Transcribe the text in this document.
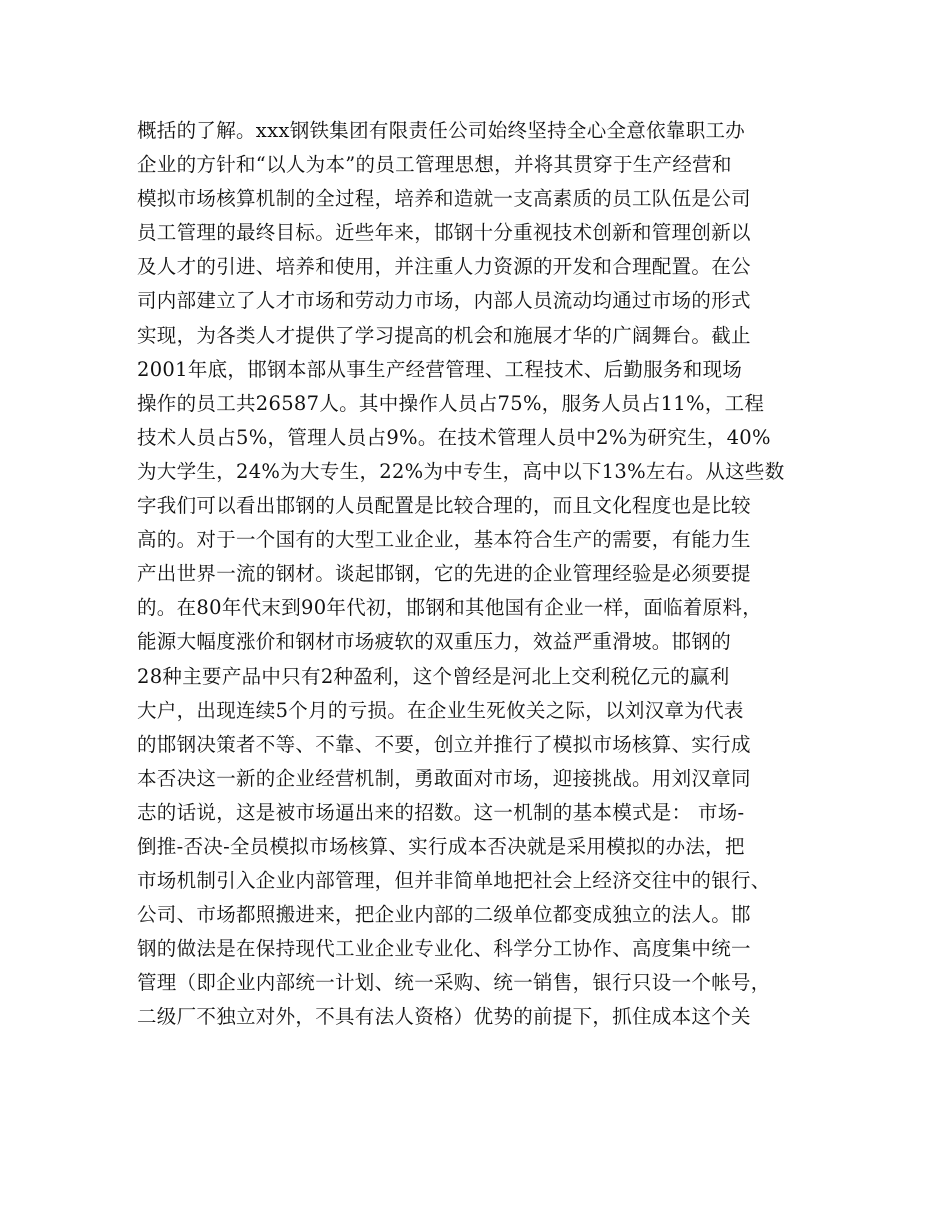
概括的了解。xxx钢铁集团有限责任公司始终坚持全心全意依靠职工办
企业的方针和“以人为本”的员工管理思想，并将其贯穿于生产经营和
模拟市场核算机制的全过程，培养和造就一支高素质的员工队伍是公司
员工管理的最终目标。近些年来，邯钢十分重视技术创新和管理创新以
及人才的引进、培养和使用，并注重人力资源的开发和合理配置。在公
司内部建立了人才市场和劳动力市场，内部人员流动均通过市场的形式
实现，为各类人才提供了学习提高的机会和施展才华的广阔舞台。截止
2001年底，邯钢本部从事生产经营管理、工程技术、后勤服务和现场
操作的员工共26587人。其中操作人员占75%，服务人员占11%，工程
技术人员占5%，管理人员占9%。在技术管理人员中2%为研究生，40%
为大学生，24%为大专生，22%为中专生，高中以下13%左右。从这些数
字我们可以看出邯钢的人员配置是比较合理的，而且文化程度也是比较
高的。对于一个国有的大型工业企业，基本符合生产的需要，有能力生
产出世界一流的钢材。谈起邯钢，它的先进的企业管理经验是必须要提
的。在80年代末到90年代初，邯钢和其他国有企业一样，面临着原料，
能源大幅度涨价和钢材市场疲软的双重压力，效益严重滑坡。邯钢的
28种主要产品中只有2种盈利，这个曾经是河北上交利税亿元的赢利
大户，出现连续5个月的亏损。在企业生死攸关之际，以刘汉章为代表
的邯钢决策者不等、不靠、不要，创立并推行了模拟市场核算、实行成
本否决这一新的企业经营机制，勇敢面对市场，迎接挑战。用刘汉章同
志的话说，这是被市场逼出来的招数。这一机制的基本模式是： 市场-
倒推-否决-全员模拟市场核算、实行成本否决就是采用模拟的办法，把
市场机制引入企业内部管理，但并非简单地把社会上经济交往中的银行、
公司、市场都照搬进来，把企业内部的二级单位都变成独立的法人。邯
钢的做法是在保持现代工业企业专业化、科学分工协作、高度集中统一
管理（即企业内部统一计划、统一采购、统一销售，银行只设一个帐号，
二级厂不独立对外，不具有法人资格）优势的前提下，抓住成本这个关
